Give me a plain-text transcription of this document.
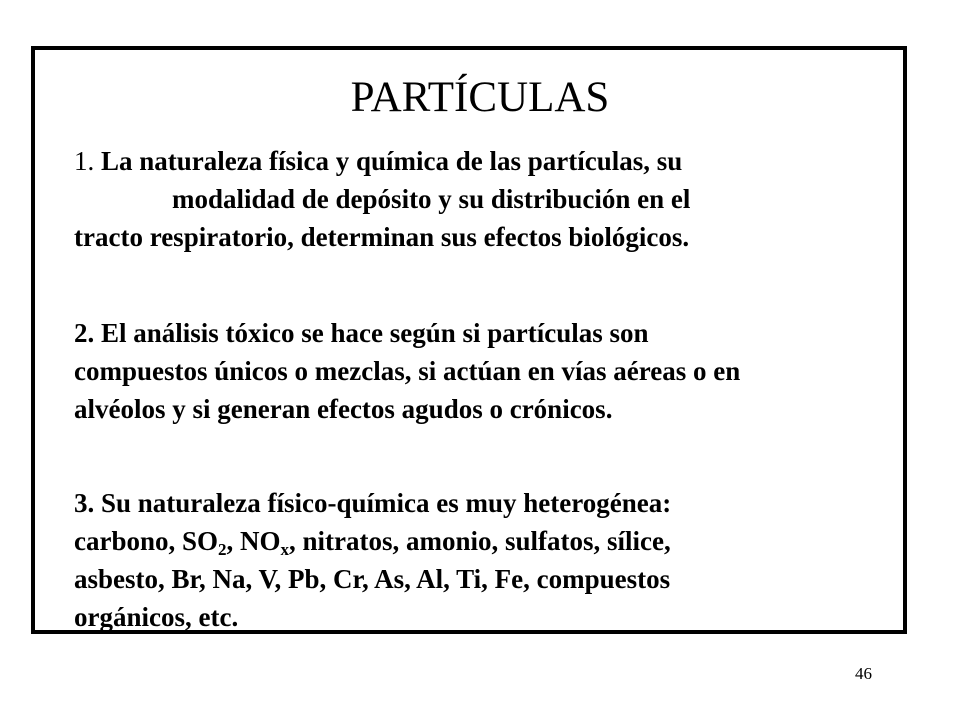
PARTÍCULAS

1. La naturaleza física y química de las partículas, su
modalidad de depósito y su distribución en el
tracto respiratorio, determinan sus efectos biológicos.

2. El análisis tóxico se hace según si partículas son
compuestos únicos o mezclas, si actúan en vías aéreas o en
alvéolos y si generan efectos agudos o crónicos.

3. Su naturaleza físico-química es muy heterogénea:
carbono, $SO_2$, $NO_x$, nitratos, amonio, sulfatos, sílice,
asbesto, Br, Na, V, Pb, Cr, As, Al, Ti, Fe, compuestos
orgánicos, etc.

46
